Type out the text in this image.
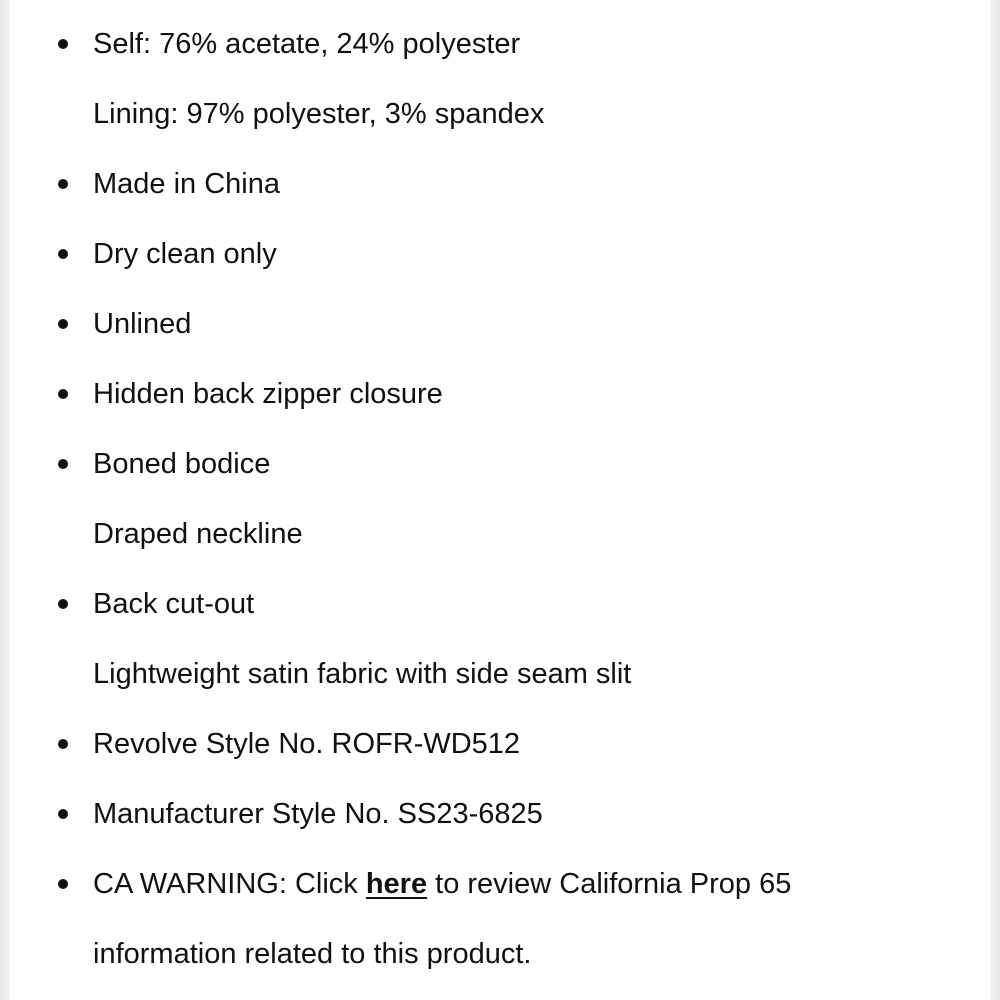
Self: 76% acetate, 24% polyester
Lining: 97% polyester, 3% spandex
Made in China
Dry clean only
Unlined
Hidden back zipper closure
Boned bodice
Draped neckline
Back cut-out
Lightweight satin fabric with side seam slit
Revolve Style No. ROFR-WD512
Manufacturer Style No. SS23-6825
CA WARNING: Click here to review California Prop 65
information related to this product.
